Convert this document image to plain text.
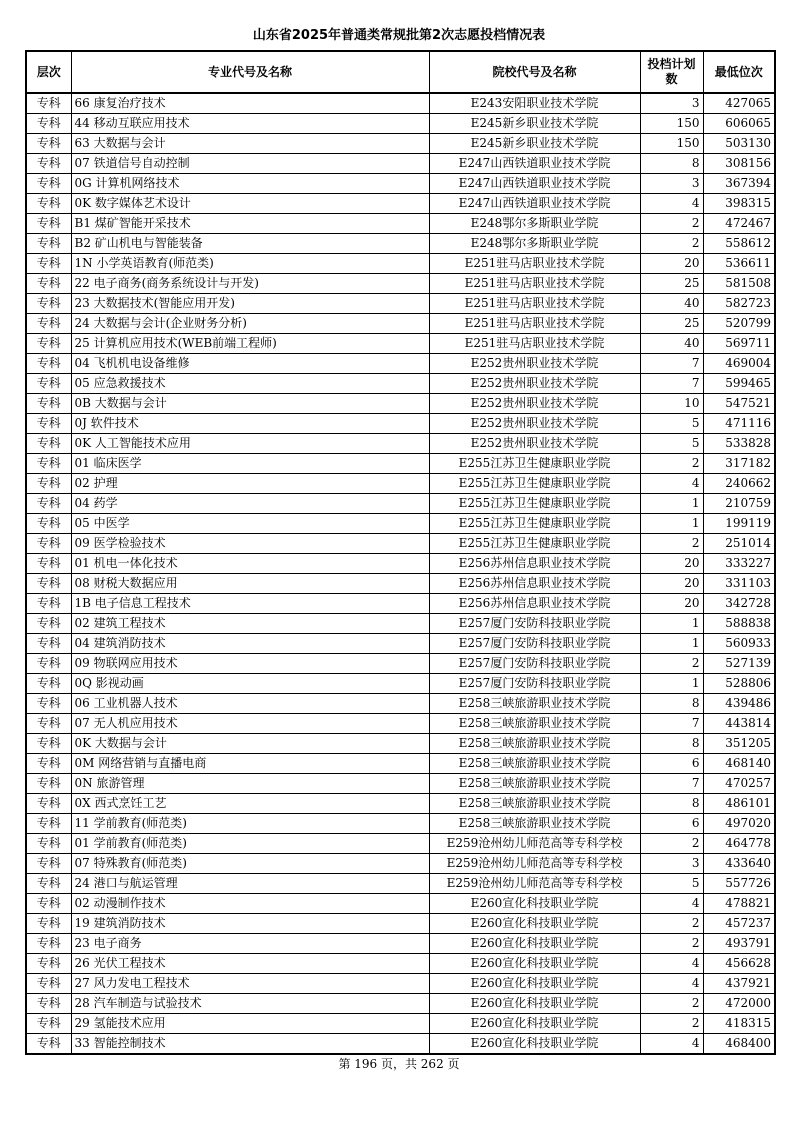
山东省2025年普通类常规批第2次志愿投档情况表
层次	专业代号及名称	院校代号及名称	投档计划数	最低位次
专科	66 康复治疗技术	E243安阳职业技术学院	3	427065
专科	44 移动互联应用技术	E245新乡职业技术学院	150	606065
专科	63 大数据与会计	E245新乡职业技术学院	150	503130
专科	07 铁道信号自动控制	E247山西铁道职业技术学院	8	308156
专科	0G 计算机网络技术	E247山西铁道职业技术学院	3	367394
专科	0K 数字媒体艺术设计	E247山西铁道职业技术学院	4	398315
专科	B1 煤矿智能开采技术	E248鄂尔多斯职业学院	2	472467
专科	B2 矿山机电与智能装备	E248鄂尔多斯职业学院	2	558612
专科	1N 小学英语教育(师范类)	E251驻马店职业技术学院	20	536611
专科	22 电子商务(商务系统设计与开发)	E251驻马店职业技术学院	25	581508
专科	23 大数据技术(智能应用开发)	E251驻马店职业技术学院	40	582723
专科	24 大数据与会计(企业财务分析)	E251驻马店职业技术学院	25	520799
专科	25 计算机应用技术(WEB前端工程师)	E251驻马店职业技术学院	40	569711
专科	04 飞机机电设备维修	E252贵州职业技术学院	7	469004
专科	05 应急救援技术	E252贵州职业技术学院	7	599465
专科	0B 大数据与会计	E252贵州职业技术学院	10	547521
专科	0J 软件技术	E252贵州职业技术学院	5	471116
专科	0K 人工智能技术应用	E252贵州职业技术学院	5	533828
专科	01 临床医学	E255江苏卫生健康职业学院	2	317182
专科	02 护理	E255江苏卫生健康职业学院	4	240662
专科	04 药学	E255江苏卫生健康职业学院	1	210759
专科	05 中医学	E255江苏卫生健康职业学院	1	199119
专科	09 医学检验技术	E255江苏卫生健康职业学院	2	251014
专科	01 机电一体化技术	E256苏州信息职业技术学院	20	333227
专科	08 财税大数据应用	E256苏州信息职业技术学院	20	331103
专科	1B 电子信息工程技术	E256苏州信息职业技术学院	20	342728
专科	02 建筑工程技术	E257厦门安防科技职业学院	1	588838
专科	04 建筑消防技术	E257厦门安防科技职业学院	1	560933
专科	09 物联网应用技术	E257厦门安防科技职业学院	2	527139
专科	0Q 影视动画	E257厦门安防科技职业学院	1	528806
专科	06 工业机器人技术	E258三峡旅游职业技术学院	8	439486
专科	07 无人机应用技术	E258三峡旅游职业技术学院	7	443814
专科	0K 大数据与会计	E258三峡旅游职业技术学院	8	351205
专科	0M 网络营销与直播电商	E258三峡旅游职业技术学院	6	468140
专科	0N 旅游管理	E258三峡旅游职业技术学院	7	470257
专科	0X 西式烹饪工艺	E258三峡旅游职业技术学院	8	486101
专科	11 学前教育(师范类)	E258三峡旅游职业技术学院	6	497020
专科	01 学前教育(师范类)	E259沧州幼儿师范高等专科学校	2	464778
专科	07 特殊教育(师范类)	E259沧州幼儿师范高等专科学校	3	433640
专科	24 港口与航运管理	E259沧州幼儿师范高等专科学校	5	557726
专科	02 动漫制作技术	E260宣化科技职业学院	4	478821
专科	19 建筑消防技术	E260宣化科技职业学院	2	457237
专科	23 电子商务	E260宣化科技职业学院	2	493791
专科	26 光伏工程技术	E260宣化科技职业学院	4	456628
专科	27 风力发电工程技术	E260宣化科技职业学院	4	437921
专科	28 汽车制造与试验技术	E260宣化科技职业学院	2	472000
专科	29 氢能技术应用	E260宣化科技职业学院	2	418315
专科	33 智能控制技术	E260宣化科技职业学院	4	468400
第 196 页，共 262 页
